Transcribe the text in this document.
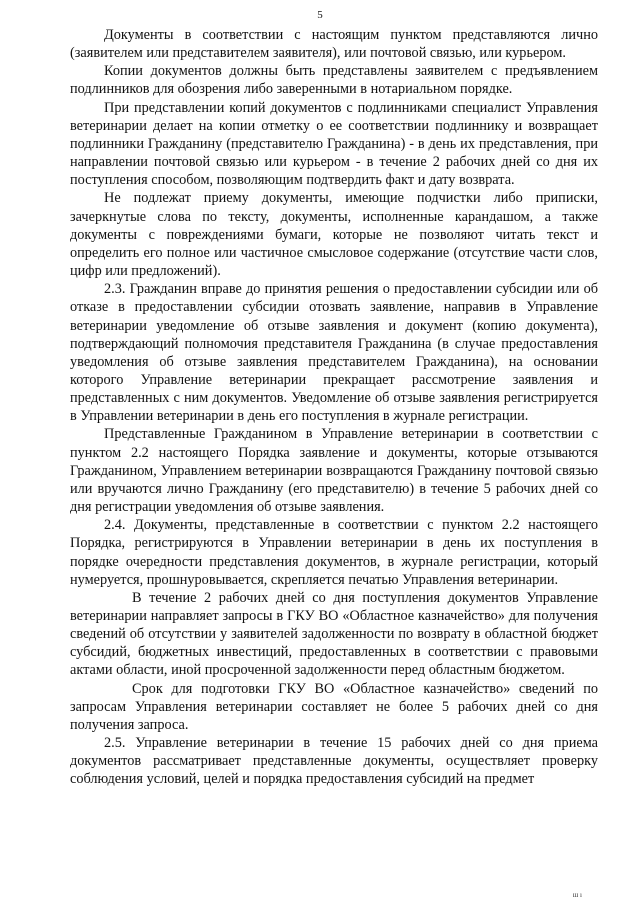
5

Документы в соответствии с настоящим пунктом представляются лично (заявителем или представителем заявителя), или почтовой связью, или курьером.

Копии документов должны быть представлены заявителем с предъявлением подлинников для обозрения либо заверенными в нотариальном порядке.

При представлении копий документов с подлинниками специалист Управления ветеринарии делает на копии отметку о ее соответствии подлиннику и возвращает подлинники Гражданину (представителю Гражданина) - в день их представления, при направлении почтовой связью или курьером - в течение 2 рабочих дней со дня их поступления способом, позволяющим подтвердить факт и дату возврата.

Не подлежат приему документы, имеющие подчистки либо приписки, зачеркнутые слова по тексту, документы, исполненные карандашом, а также документы с повреждениями бумаги, которые не позволяют читать текст и определить его полное или частичное смысловое содержание (отсутствие части слов, цифр или предложений).

2.3. Гражданин вправе до принятия решения о предоставлении субсидии или об отказе в предоставлении субсидии отозвать заявление, направив в Управление ветеринарии уведомление об отзыве заявления и документ (копию документа), подтверждающий полномочия представителя Гражданина (в случае предоставления уведомления об отзыве заявления представителем Гражданина), на основании которого Управление ветеринарии прекращает рассмотрение заявления и представленных с ним документов. Уведомление об отзыве заявления регистрируется в Управлении ветеринарии в день его поступления в журнале регистрации.

Представленные Гражданином в Управление ветеринарии в соответствии с пунктом 2.2 настоящего Порядка заявление и документы, которые отзываются Гражданином, Управлением ветеринарии возвращаются Гражданину почтовой связью или вручаются лично Гражданину (его представителю) в течение 5 рабочих дней со дня регистрации уведомления об отзыве заявления.

2.4. Документы, представленные в соответствии с пунктом 2.2 настоящего Порядка, регистрируются в Управлении ветеринарии в день их поступления в порядке очередности представления документов, в журнале регистрации, который нумеруется, прошнуровывается, скрепляется печатью Управления ветеринарии.

В течение 2 рабочих дней со дня поступления документов Управление ветеринарии направляет запросы в ГКУ ВО «Областное казначейство» для получения сведений об отсутствии у заявителей задолженности по возврату в областной бюджет субсидий, бюджетных инвестиций, предоставленных в соответствии с правовыми актами области, иной просроченной задолженности перед областным бюджетом.

Срок для подготовки ГКУ ВО «Областное казначейство» сведений по запросам Управления ветеринарии составляет не более 5 рабочих дней со дня получения запроса.

2.5. Управление ветеринарии в течение 15 рабочих дней со дня приема документов рассматривает представленные документы, осуществляет проверку соблюдения условий, целей и порядка предоставления субсидий на предмет

ш ı
